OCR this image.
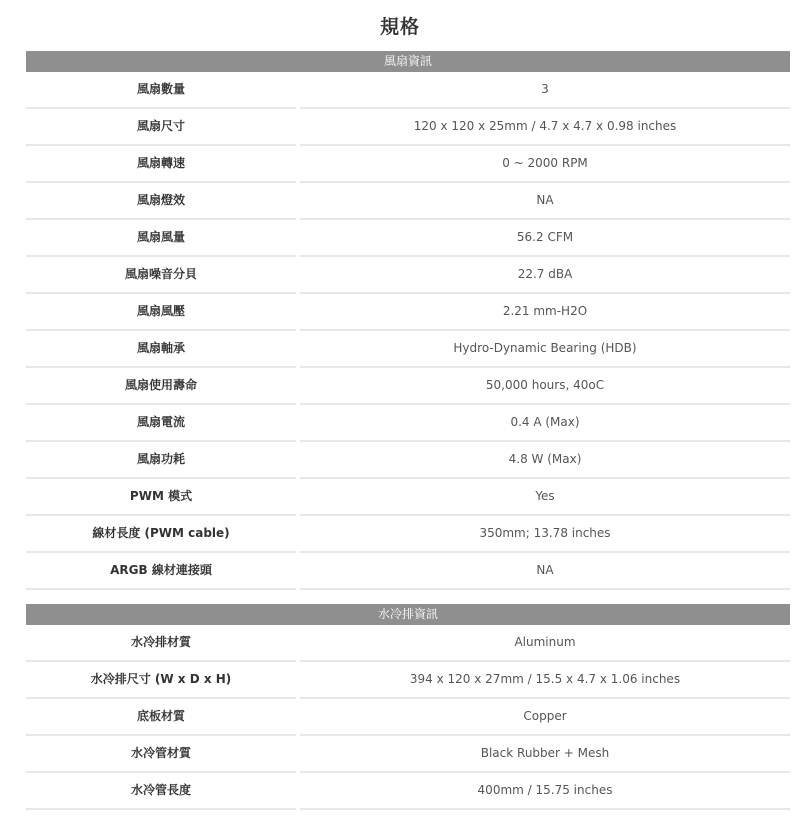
規格
風扇資訊
風扇數量	3
風扇尺寸	120 x 120 x 25mm / 4.7 x 4.7 x 0.98 inches
風扇轉速	0 ~ 2000 RPM
風扇燈效	NA
風扇風量	56.2 CFM
風扇噪音分貝	22.7 dBA
風扇風壓	2.21 mm-H2O
風扇軸承	Hydro-Dynamic Bearing (HDB)
風扇使用壽命	50,000 hours, 40oC
風扇電流	0.4 A (Max)
風扇功耗	4.8 W (Max)
PWM 模式	Yes
線材長度 (PWM cable)	350mm; 13.78 inches
ARGB 線材連接頭	NA
水冷排資訊
水冷排材質	Aluminum
水冷排尺寸 (W x D x H)	394 x 120 x 27mm / 15.5 x 4.7 x 1.06 inches
底板材質	Copper
水冷管材質	Black Rubber + Mesh
水冷管長度	400mm / 15.75 inches
